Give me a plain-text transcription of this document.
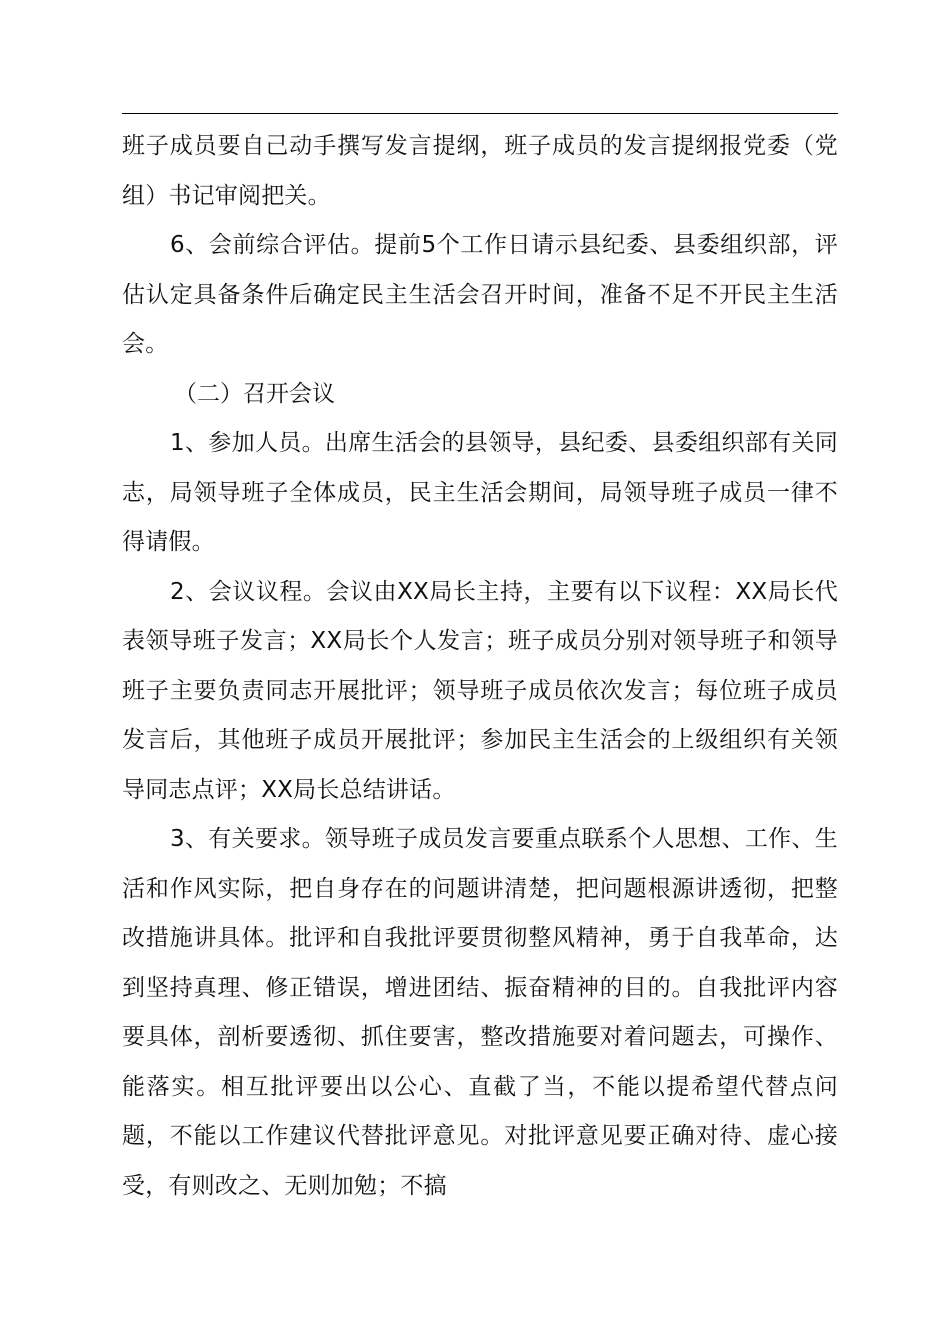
班子成员要自己动手撰写发言提纲，班子成员的发言提纲报党委（党组）书记审阅把关。

6、会前综合评估。提前5个工作日请示县纪委、县委组织部，评估认定具备条件后确定民主生活会召开时间，准备不足不开民主生活会。

（二）召开会议

1、参加人员。出席生活会的县领导，县纪委、县委组织部有关同志，局领导班子全体成员，民主生活会期间，局领导班子成员一律不得请假。

2、会议议程。会议由XX局长主持，主要有以下议程：XX局长代表领导班子发言；XX局长个人发言；班子成员分别对领导班子和领导班子主要负责同志开展批评；领导班子成员依次发言；每位班子成员发言后，其他班子成员开展批评；参加民主生活会的上级组织有关领导同志点评；XX局长总结讲话。

3、有关要求。领导班子成员发言要重点联系个人思想、工作、生活和作风实际，把自身存在的问题讲清楚，把问题根源讲透彻，把整改措施讲具体。批评和自我批评要贯彻整风精神，勇于自我革命，达到坚持真理、修正错误，增进团结、振奋精神的目的。自我批评内容要具体，剖析要透彻、抓住要害，整改措施要对着问题去，可操作、能落实。相互批评要出以公心、直截了当，不能以提希望代替点问题，不能以工作建议代替批评意见。对批评意见要正确对待、虚心接受，有则改之、无则加勉；不搞
